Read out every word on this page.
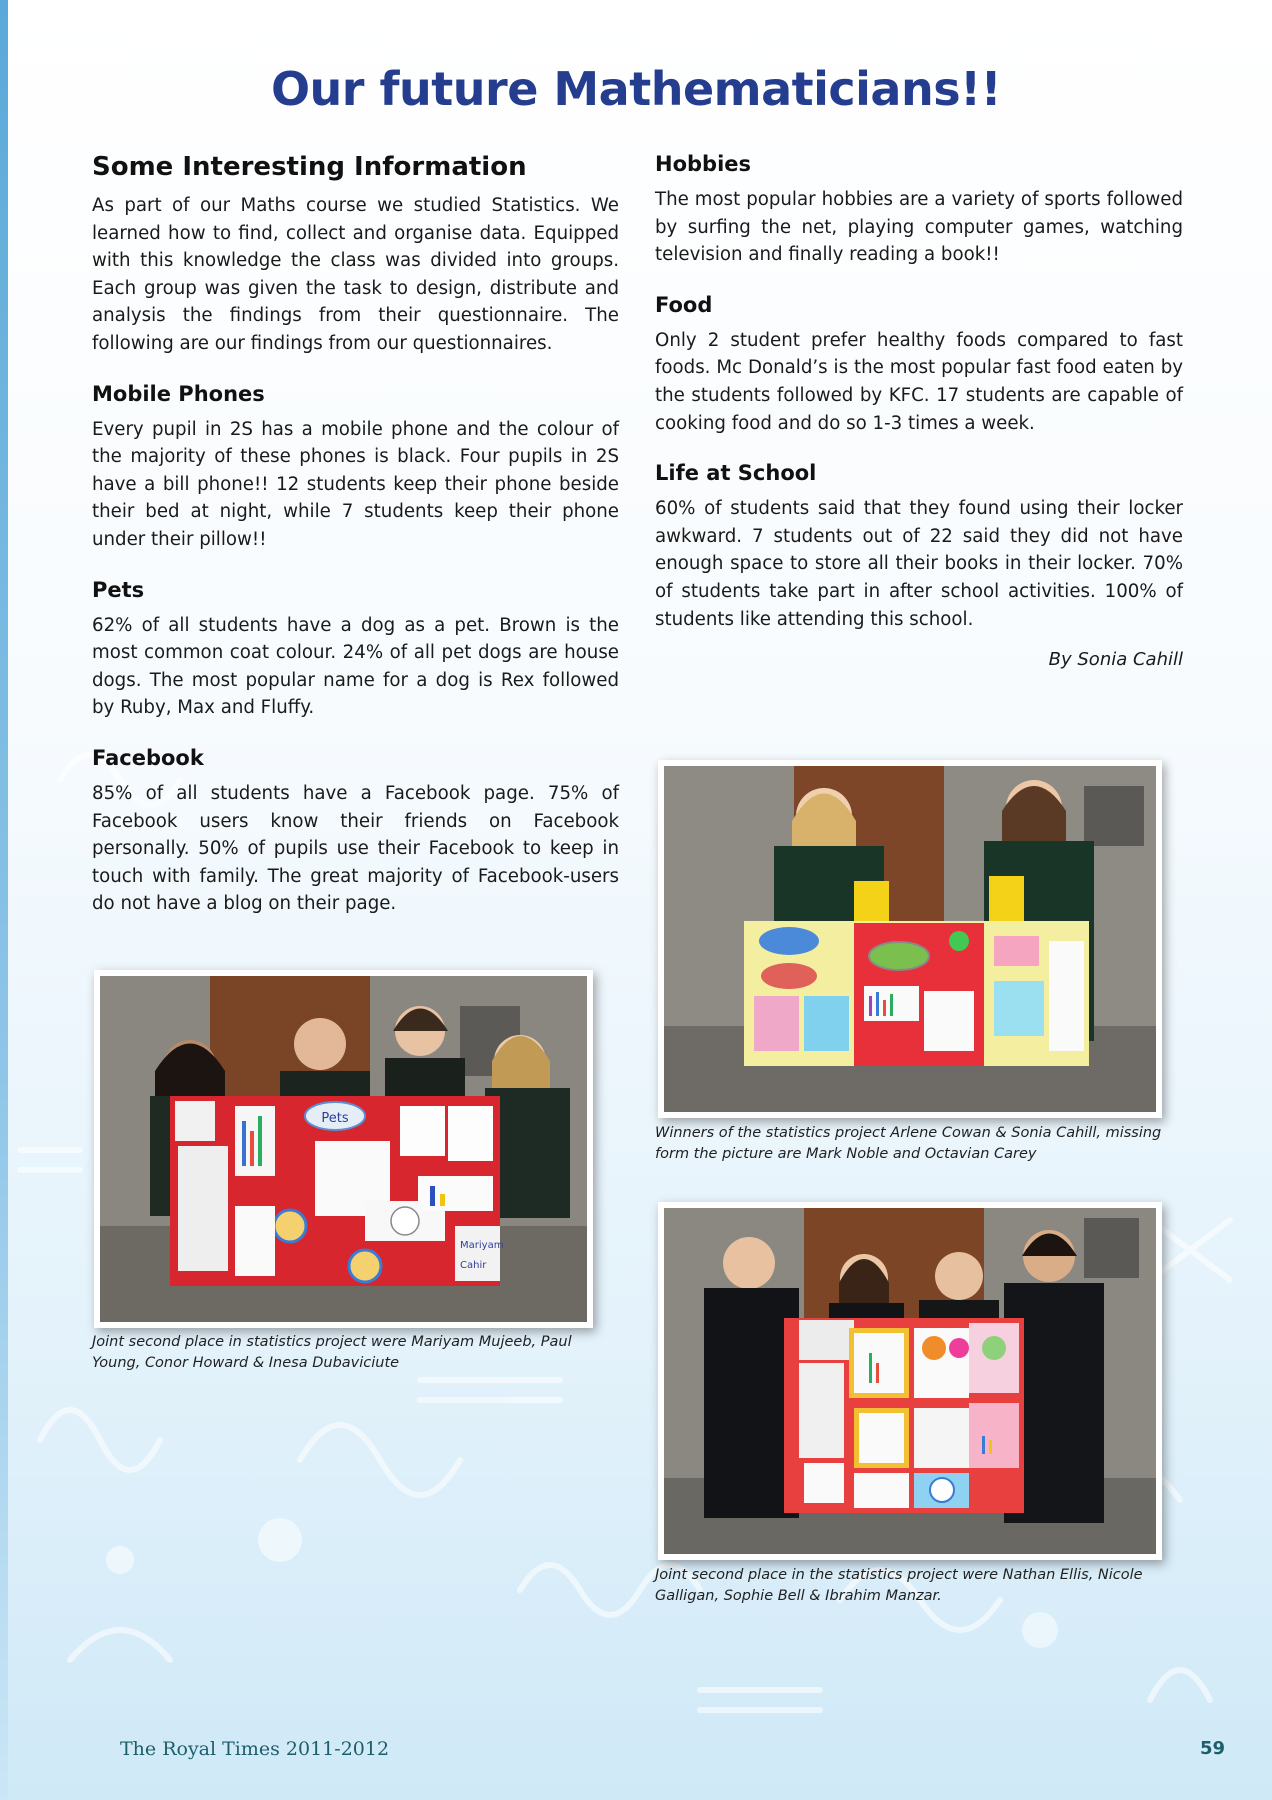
Our future Mathematicians!!
Some Interesting Information

As part of our Maths course we studied Statistics. We learned how to find, collect and organise data. Equipped with this knowledge the class was divided into groups. Each group was given the task to design, distribute and analysis the findings from their questionnaire. The following are our findings from our questionnaires.

Mobile Phones

Every pupil in 2S has a mobile phone and the colour of the majority of these phones is black. Four pupils in 2S have a bill phone!! 12 students keep their phone beside their bed at night, while 7 students keep their phone under their pillow!!

Pets

62% of all students have a dog as a pet. Brown is the most common coat colour. 24% of all pet dogs are house dogs. The most popular name for a dog is Rex followed by Ruby, Max and Fluffy.

Facebook

85% of all students have a Facebook page. 75% of Facebook users know their friends on Facebook personally. 50% of pupils use their Facebook to keep in touch with family. The great majority of Facebook-users do not have a blog on their page.

Hobbies

The most popular hobbies are a variety of sports followed by surfing the net, playing computer games, watching television and finally reading a book!!

Food

Only 2 student prefer healthy foods compared to fast foods. Mc Donald’s is the most popular fast food eaten by the students followed by KFC. 17 students are capable of cooking food and do so 1-3 times a week.

Life at School

60% of students said that they found using their locker awkward. 7 students out of 22 said they did not have enough space to store all their books in their locker. 70% of students take part in after school activities. 100% of students like attending this school.

By Sonia Cahill
Pets
Mariyam
Cahir
Joint second place in statistics project were Mariyam Mujeeb, Paul Young, Conor Howard & Inesa Dubaviciute
Winners of the statistics project Arlene Cowan & Sonia Cahill, missing form the picture are Mark Noble and Octavian Carey
Joint second place in the statistics project were Nathan Ellis, Nicole Galligan, Sophie Bell & Ibrahim Manzar.
The Royal Times 2011-2012	59
